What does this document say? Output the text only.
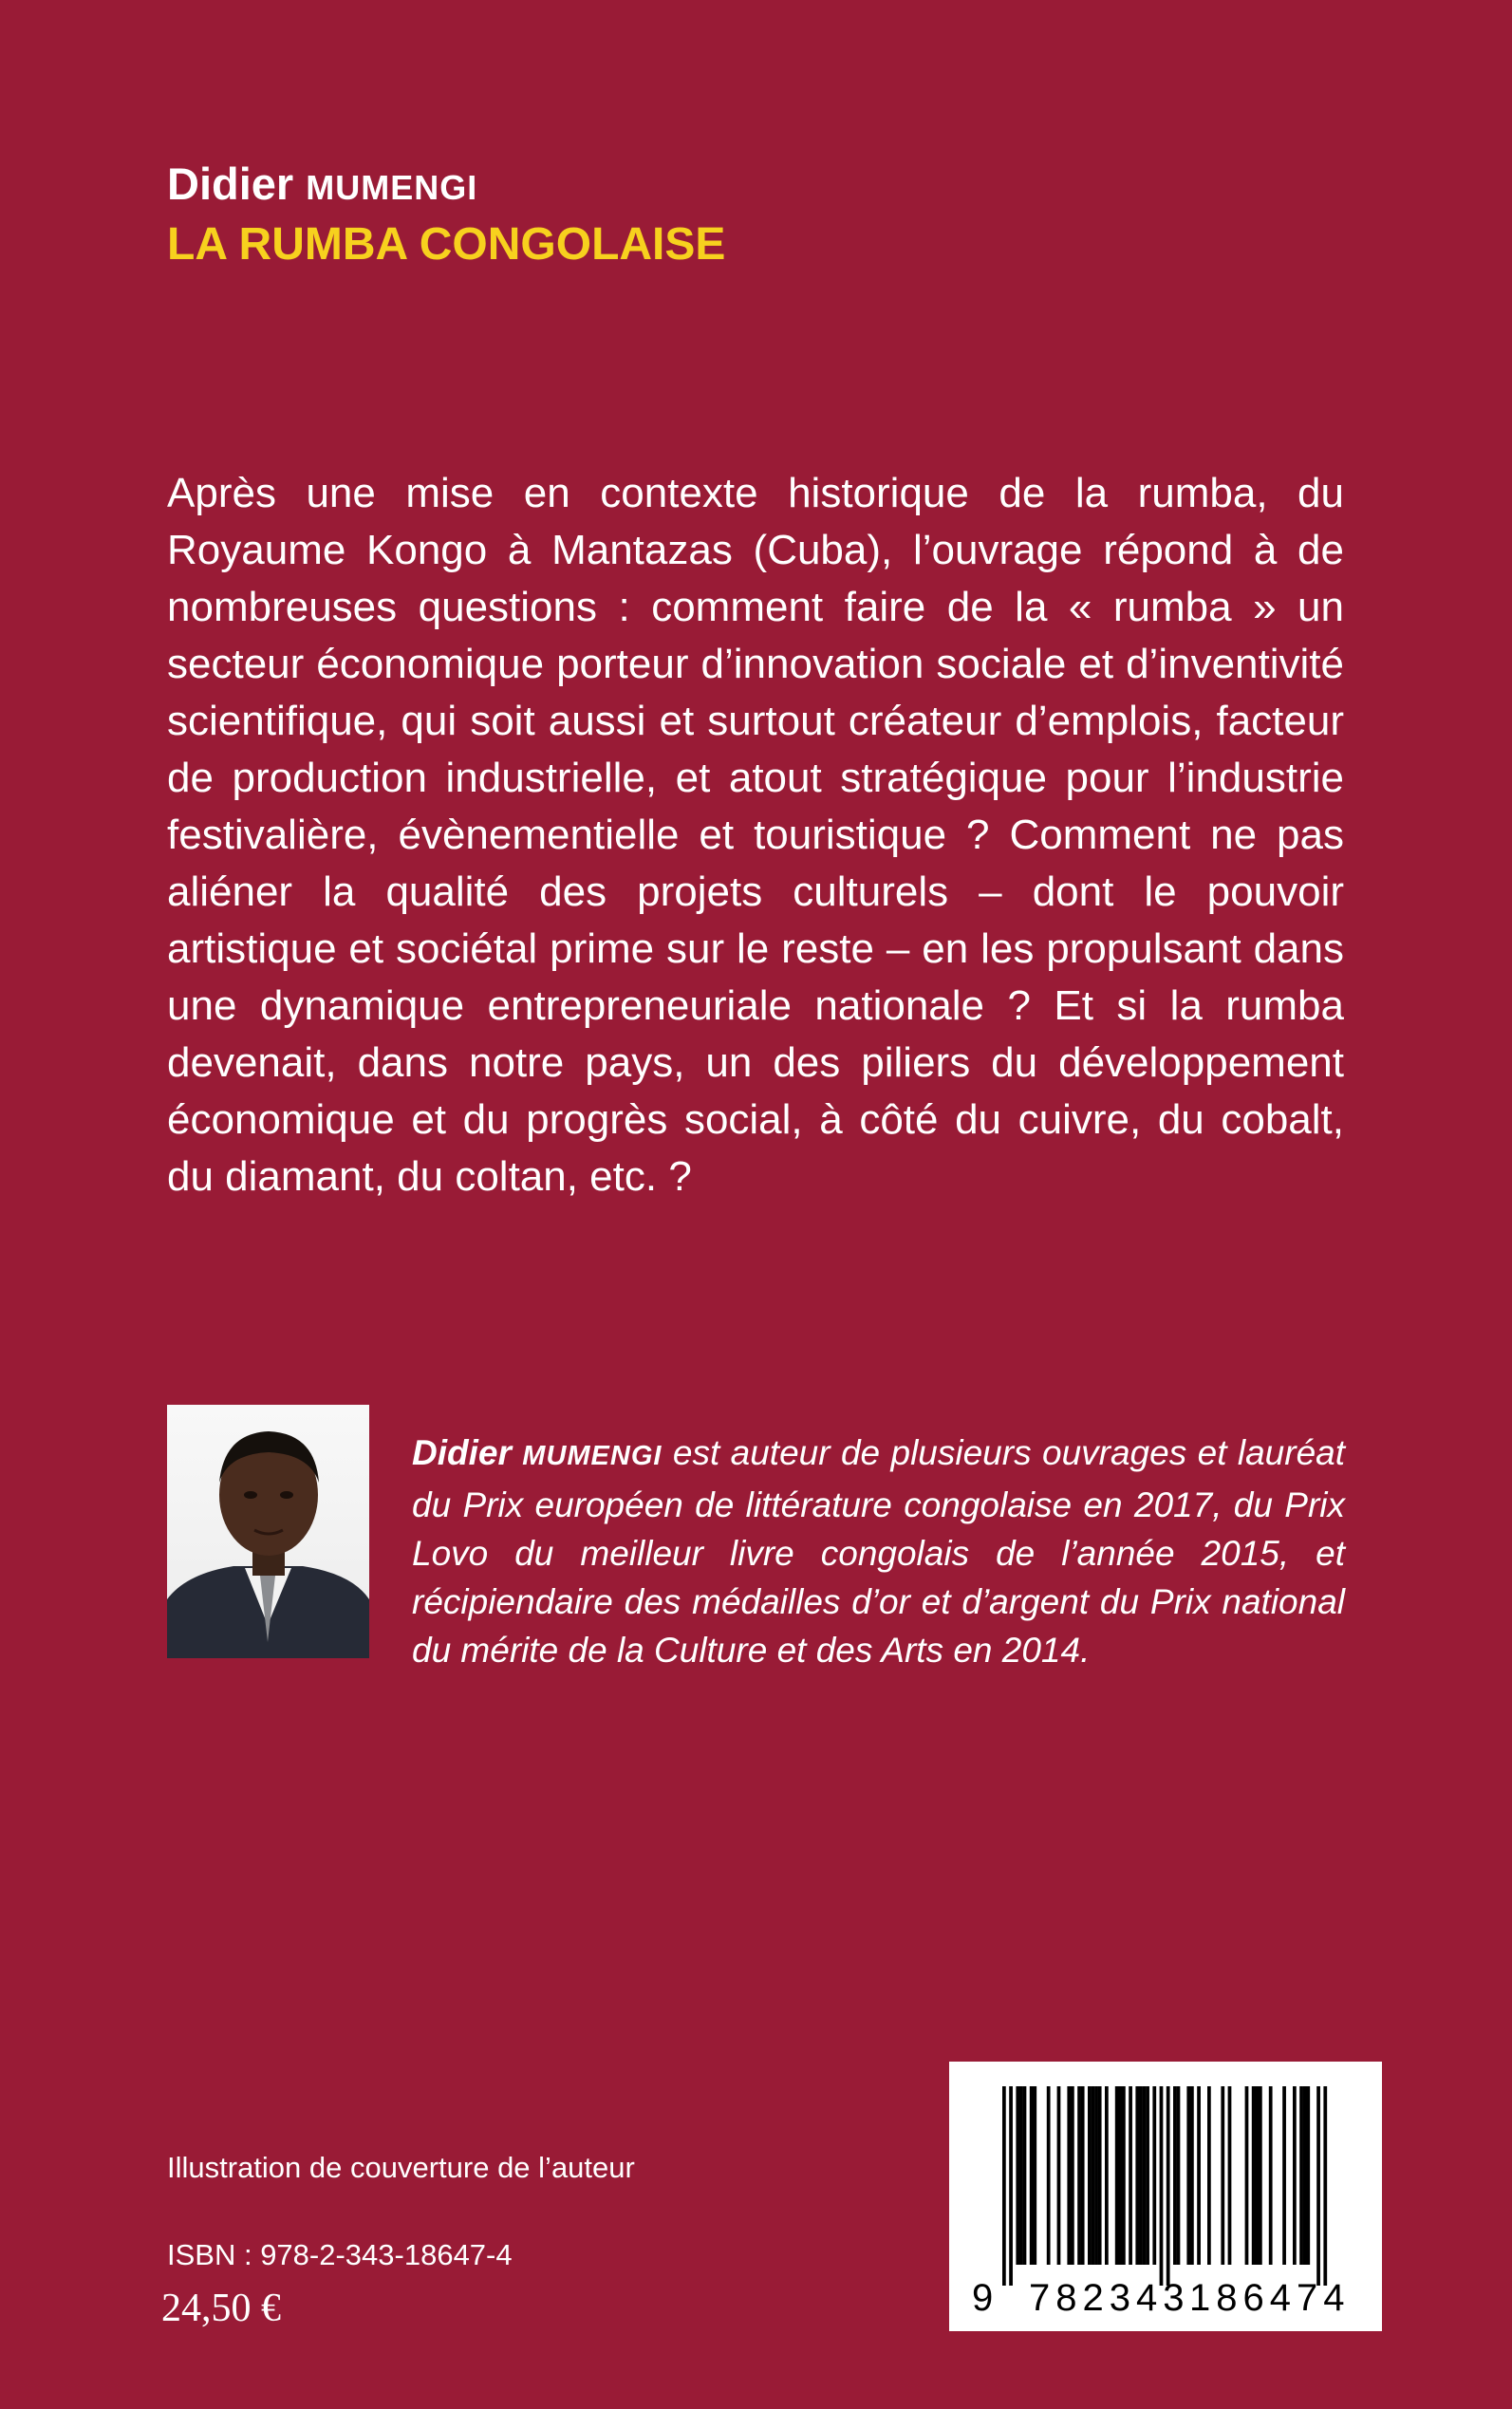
Didier MUMENGI
LA RUMBA CONGOLAISE

Après une mise en contexte historique de la rumba, du Royaume Kongo à Mantazas (Cuba), l’ouvrage répond à de nombreuses questions : comment faire de la « rumba » un secteur économique porteur d’innovation sociale et d’inventivité scientifique, qui soit aussi et surtout créateur d’emplois, facteur de production industrielle, et atout stratégique pour l’industrie festivalière, évènementielle et touristique ? Comment ne pas aliéner la qualité des projets culturels – dont le pouvoir artistique et sociétal prime sur le reste – en les propulsant dans une dynamique entrepreneuriale nationale ? Et si la rumba devenait, dans notre pays, un des piliers du développement économique et du progrès social, à côté du cuivre, du cobalt, du diamant, du coltan, etc. ?

Didier MUMENGI est auteur de plusieurs ouvrages et lauréat du Prix européen de littérature congolaise en 2017, du Prix Lovo du meilleur livre congolais de l’année 2015, et récipiendaire des médailles d’or et d’argent du Prix national du mérite de la Culture et des Arts en 2014.

Illustration de couverture de l’auteur
ISBN : 978-2-343-18647-4
24,50 €	9 782343 186474
